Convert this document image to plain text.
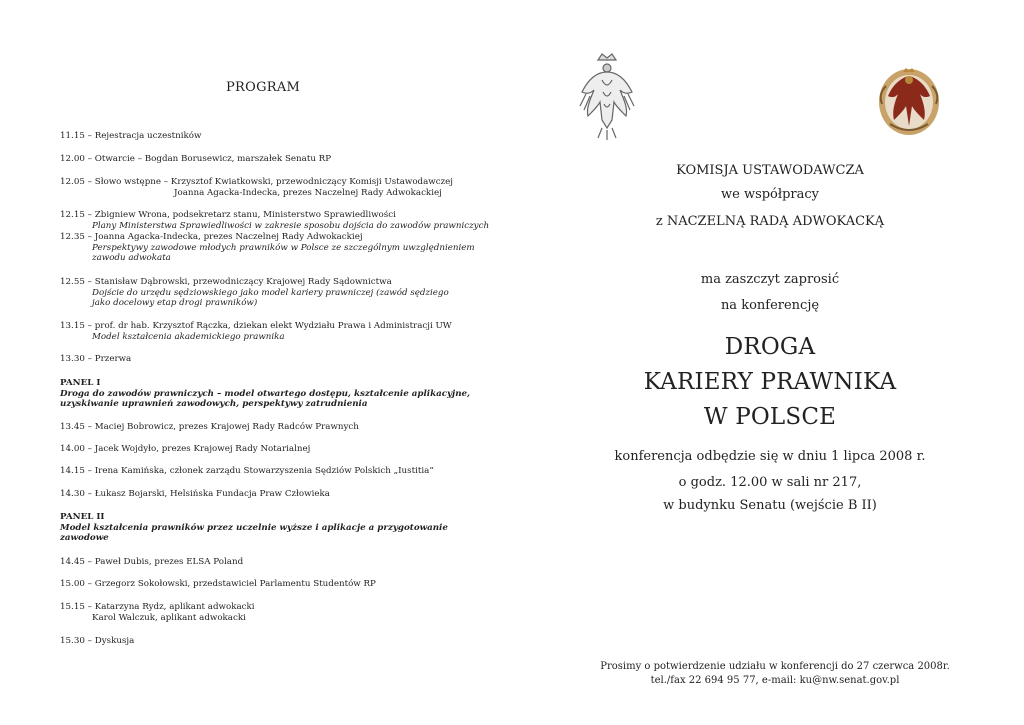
PROGRAM
11.15 – Rejestracja uczestników
12.00 – Otwarcie – Bogdan Borusewicz, marszałek Senatu RP
12.05 – Słowo wstępne – Krzysztof Kwiatkowski, przewodniczący Komisji Ustawodawczej
Joanna Agacka-Indecka, prezes Naczelnej Rady Adwokackiej
12.15 – Zbigniew Wrona, podsekretarz stanu, Ministerstwo Sprawiedliwości
Plany Ministerstwa Sprawiedliwości w zakresie sposobu dojścia do zawodów prawniczych
12.35 – Joanna Agacka-Indecka, prezes Naczelnej Rady Adwokackiej
Perspektywy zawodowe młodych prawników w Polsce ze szczególnym uwzględnieniem
zawodu adwokata
12.55 – Stanisław Dąbrowski, przewodniczący Krajowej Rady Sądownictwa
Dojście do urzędu sędziowskiego jako model kariery prawniczej (zawód sędziego
jako docelowy etap drogi prawników)
13.15 – prof. dr hab. Krzysztof Rączka, dziekan elekt Wydziału Prawa i Administracji UW
Model kształcenia akademickiego prawnika
13.30 – Przerwa
PANEL I
Droga do zawodów prawniczych – model otwartego dostępu, kształcenie aplikacyjne, uzyskiwanie uprawnień zawodowych, perspektywy zatrudnienia
13.45 – Maciej Bobrowicz, prezes Krajowej Rady Radców Prawnych
14.00 – Jacek Wojdyło, prezes Krajowej Rady Notarialnej
14.15 – Irena Kamińska, członek zarządu Stowarzyszenia Sędziów Polskich „Iustitia”
14.30 – Łukasz Bojarski, Helsińska Fundacja Praw Człowieka
PANEL II
Model kształcenia prawników przez uczelnie wyższe i aplikacje a przygotowanie zawodowe
14.45 – Paweł Dubis, prezes ELSA Poland
15.00 – Grzegorz Sokołowski, przedstawiciel Parlamentu Studentów RP
15.15 – Katarzyna Rydz, aplikant adwokacki
Karol Walczuk, aplikant adwokacki
15.30 – Dyskusja
KOMISJA USTAWODAWCZA
we współpracy
z NACZELNĄ RADĄ ADWOKACKĄ
ma zaszczyt zaprosić
na konferencję
DROGA
KARIERY PRAWNIKA
W POLSCE
konferencja odbędzie się w dniu 1 lipca 2008 r.
o godz. 12.00 w sali nr 217,
w budynku Senatu (wejście B II)
Prosimy o potwierdzenie udziału w konferencji do 27 czerwca 2008r.
tel./fax 22 694 95 77, e-mail: ku@nw.senat.gov.pl
